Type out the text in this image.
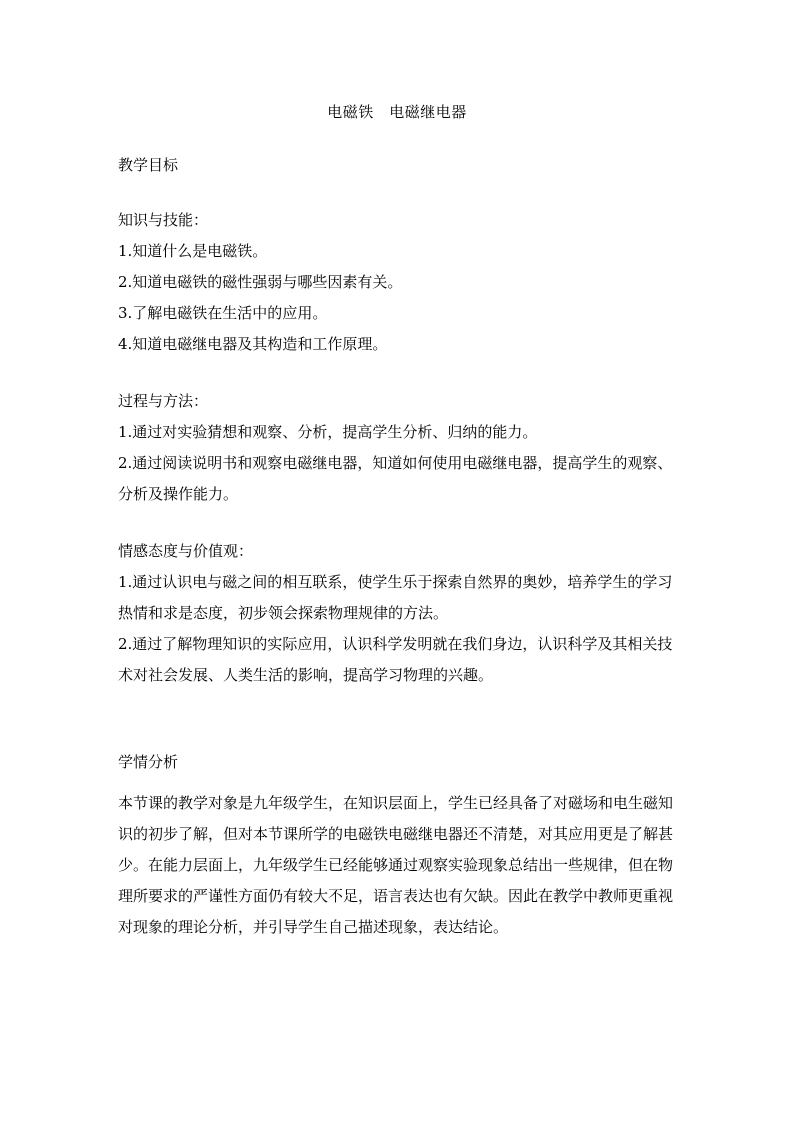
电磁铁　电磁继电器

教学目标

知识与技能：

1.知道什么是电磁铁。

2.知道电磁铁的磁性强弱与哪些因素有关。

3.了解电磁铁在生活中的应用。

4.知道电磁继电器及其构造和工作原理。

过程与方法：

1.通过对实验猜想和观察、分析，提高学生分析、归纳的能力。

2.通过阅读说明书和观察电磁继电器，知道如何使用电磁继电器，提高学生的观察、分析及操作能力。

情感态度与价值观：

1.通过认识电与磁之间的相互联系，使学生乐于探索自然界的奥妙，培养学生的学习热情和求是态度，初步领会探索物理规律的方法。

2.通过了解物理知识的实际应用，认识科学发明就在我们身边，认识科学及其相关技术对社会发展、人类生活的影响，提高学习物理的兴趣。

学情分析

本节课的教学对象是九年级学生，在知识层面上，学生已经具备了对磁场和电生磁知识的初步了解，但对本节课所学的电磁铁电磁继电器还不清楚，对其应用更是了解甚少。在能力层面上，九年级学生已经能够通过观察实验现象总结出一些规律，但在物理所要求的严谨性方面仍有较大不足，语言表达也有欠缺。因此在教学中教师更重视对现象的理论分析，并引导学生自己描述现象，表达结论。
